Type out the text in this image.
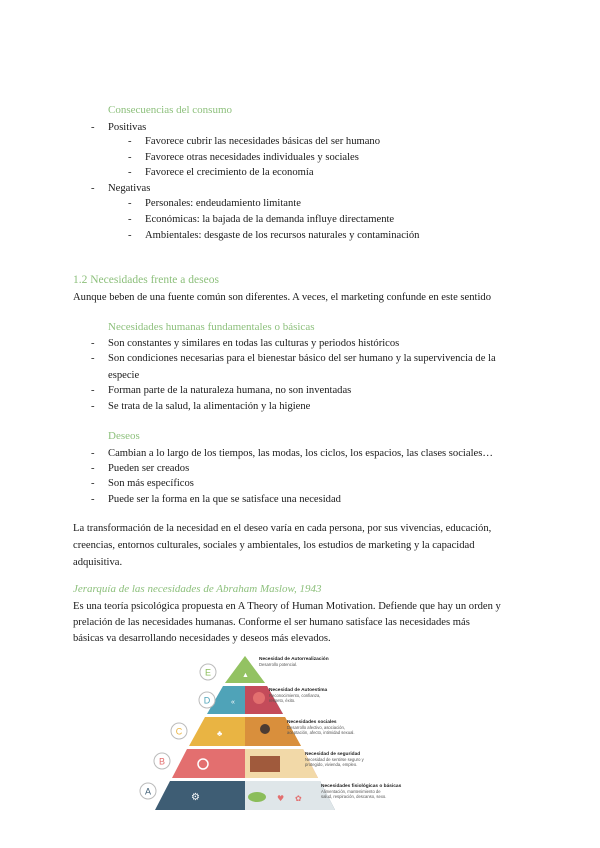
Consecuencias del consumo
- Positivas
- Favorece cubrir las necesidades básicas del ser humano
- Favorece otras necesidades individuales y sociales
- Favorece el crecimiento de la economía
- Negativas
- Personales: endeudamiento limitante
- Económicas: la bajada de la demanda influye directamente
- Ambientales: desgaste de los recursos naturales y contaminación
1.2 Necesidades frente a deseos
Aunque beben de una fuente común son diferentes. A veces, el marketing confunde en este sentido
Necesidades humanas fundamentales o básicas
- Son constantes y similares en todas las culturas y periodos históricos
- Son condiciones necesarias para el bienestar básico del ser humano y la supervivencia de la
especie
- Forman parte de la naturaleza humana, no son inventadas
- Se trata de la salud, la alimentación y la higiene
Deseos
- Cambian a lo largo de los tiempos, las modas, los ciclos, los espacios, las clases sociales…
- Pueden ser creados
- Son más específicos
- Puede ser la forma en la que se satisface una necesidad
La transformación de la necesidad en el deseo varía en cada persona, por sus vivencias, educación,
creencias, entornos culturales, sociales y ambientales, los estudios de marketing y la capacidad
adquisitiva.
Jerarquía de las necesidades de Abraham Maslow, 1943
Es una teoría psicológica propuesta en A Theory of Human Motivation. Defiende que hay un orden y
prelación de las necesidades humanas. Conforme el ser humano satisface las necesidades más
básicas va desarrollando necesidades y deseos más elevados.
E	▲
Necesidad de Autorrealización
Desarrollo potencial.
D	«
Necesidad de Autoestima
Reconocimiento, confianza,
respeto, éxito.
C	♣
Necesidades sociales
Desarrollo afectivo, asociación,
aceptación, afecto, intimidad sexual.
B
Necesidad de seguridad
Necesidad de sentirse seguro y
protegido, vivienda, empleo.
A
⚙	♥ ✿
Necesidades fisiológicas o básicas
Alimentación, mantenimiento de
salud, respiración, descanso, sexo.
